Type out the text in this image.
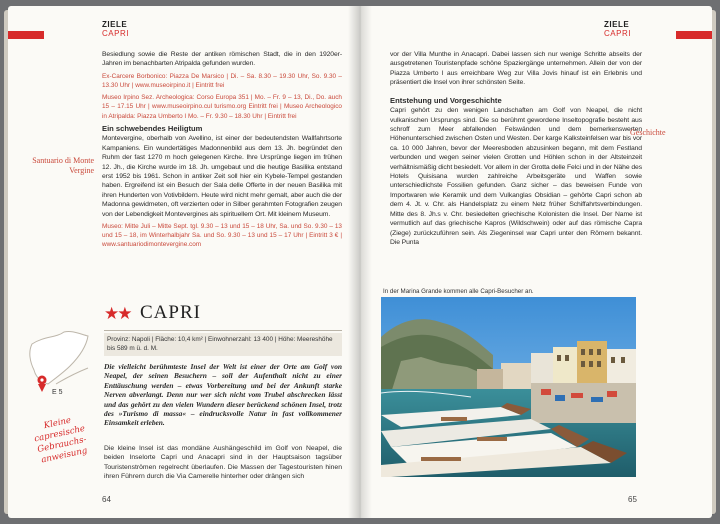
ZIELE
CAPRI

Besiedlung sowie die Reste der antiken römischen Stadt, die in den 1920er-Jahren im benachbarten Atripalda gefunden wurden.

Ex-Carcere Borbonico: Piazza De Marsico | Di. – Sa. 8.30 – 19.30 Uhr, So. 9.30 – 13.30 Uhr | www.museoirpino.it | Eintritt frei

Museo Irpino Sez. Archeologica: Corso Europa 351 | Mo. – Fr. 9 – 13, Di., Do. auch 15 – 17.15 Uhr | www.museoirpino.cul turismo.org Eintritt frei | Museo Archeologico in Atripalda: Piazza Umberto I Mo. – Fr. 9.30 – 18.30 Uhr | Eintritt frei

Ein schwebendes Heiligtum

Montevergine, oberhalb von Avellino, ist einer der bedeutendsten Wallfahrtsorte Kampaniens. Ein wundertätiges Madonnenbild aus dem 13. Jh. begründet den Ruhm der fast 1270 m hoch gelegenen Kirche. Ihre Ursprünge liegen im frühen 12. Jh., die Kirche wurde im 18. Jh. umgebaut und die heutige Basilika entstand erst 1952 bis 1961. Schon in antiker Zeit soll hier ein Kybele-Tempel gestanden haben. Ergreifend ist ein Besuch der Sala delle Offerte in der neuen Basilika mit ihren Hunderten von Votivbildern. Heute wird nicht mehr gemalt, aber auch die der Madonna gewidmeten, oft verzierten oder in Silber gerahmten Fotografien zeugen von der Lebendigkeit Montevergines als spirituellem Ort. Mit kleinem Museum.

Museo: Mitte Juli – Mitte Sept. tgl. 9.30 – 13 und 15 – 18 Uhr, Sa. und So. 9.30 – 13 und 15 – 18, im Winterhalbjahr Sa. und So. 9.30 – 13 und 15 – 17 Uhr | Eintritt 3 € | www.santuariodimontevergine.com

Santuario di Monte Vergine
★★ CAPRI
Provinz: Napoli | Fläche: 10,4 km² | Einwohnerzahl: 13 400 | Höhe: Meereshöhe bis 589 m ü. d. M.
Die vielleicht berühmteste Insel der Welt ist einer der Orte am Golf von Neapel, der seinen Besuchern – soll der Aufenthalt nicht zu einer Enttäuschung werden – etwas Vorbereitung und bei der Ankunft starke Nerven abverlangt. Denn nur wer sich nicht vom Trubel abschrecken lässt und das gehört zu den vielen Wundern dieser berückend schönen Insel, trotz des »Turismo di massa« – eindrucksvolle Natur in fast vollkommener Einsamkeit erleben.
Die kleine Insel ist das mondäne Aushängeschild im Golf von Neapel, die beiden Inselorte Capri und Anacapri sind in der Hauptsaison tagsüber Touristenströmen regelrecht überlaufen. Die Massen der Tagestouristen hinen ihren Führern durch die Via Camerelle hinterher oder drängen sich
E 5
Kleine capresische Gebrauchs- anweisung
64
ZIELE
CAPRI

vor der Villa Munthe in Anacapri. Dabei lassen sich nur wenige Schritte abseits der ausgetretenen Touristenpfade schöne Spaziergänge unternehmen. Allein der von der Piazza Umberto I aus erreichbare Weg zur Villa Jovis hinauf ist ein Erlebnis und präsentiert die Insel von ihrer schönsten Seite.

Entstehung und Vorgeschichte

Capri gehört zu den wenigen Landschaften am Golf von Neapel, die nicht vulkanischen Ursprungs sind. Die so berühmt gewordene Inseltopografie besteht aus schroff zum Meer abfallenden Felswänden und dem bemerkenswerten Höhenunterschied zwischen Osten und Westen. Der karge Kalksteinfelsen war bis vor ca. 10 000 Jahren, bevor der Meeresboden abzusinken begann, mit dem Festland verbunden und wegen seiner vielen Grotten und Höhlen schon in der Altsteinzeit verhältnismäßig dicht besiedelt. Vor allem in der Grotta delle Felci und in der Nähe des Hotels Quisisana wurden zahlreiche Arbeitsgeräte und Waffen sowie unterschiedlichste Fossilien gefunden. Ganz sicher – das beweisen Funde von Importwaren wie Keramik und dem Vulkanglas Obsidian – gehörte Capri schon ab dem 4. Jt. v. Chr. als Handelsplatz zu einem Netz früher Schiffahrtsverbindungen. Mitte des 8. Jh.s v. Chr. besiedelten griechische Kolonisten die Insel. Der Name ist vermutlich auf das griechische Kapros (Wildschwein) oder auf das römische Capra (Ziege) zurückzuführen sein. Als Ziegeninsel war Capri unter den Römern bekannt. Die Punta

Geschichte
65
In der Marina Grande kommen alle Capri-Besucher an.
